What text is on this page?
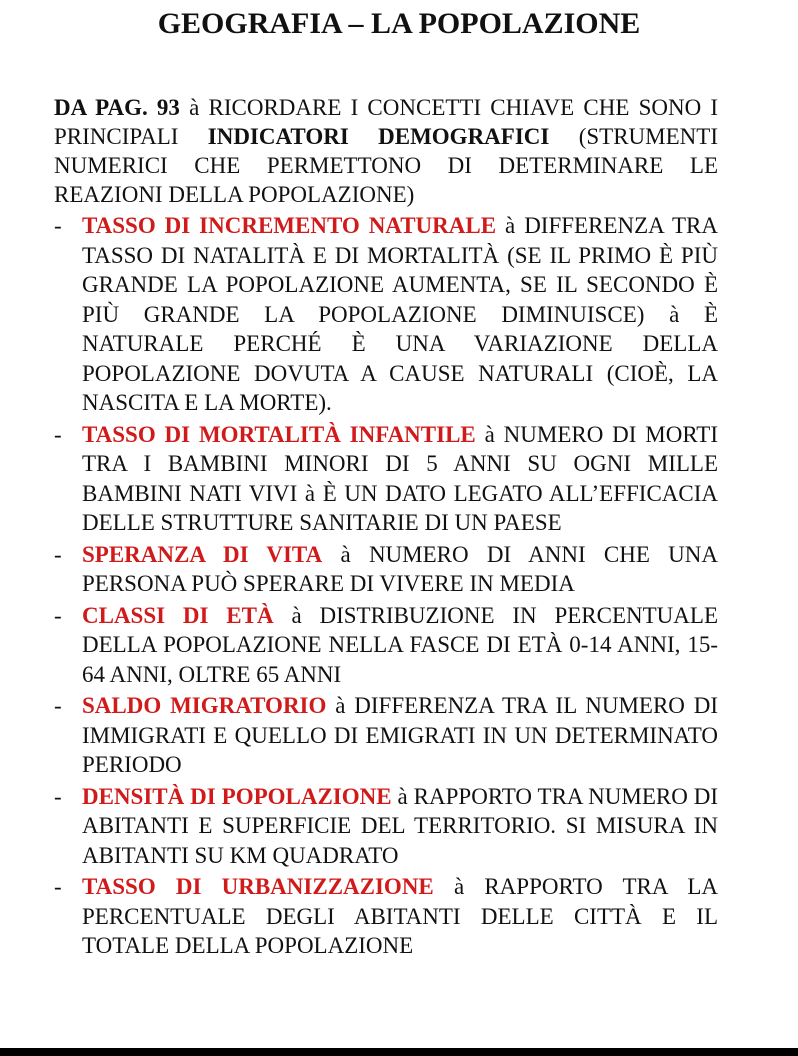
GEOGRAFIA – LA POPOLAZIONE

DA PAG. 93 à RICORDARE I CONCETTI CHIAVE CHE SONO I PRINCIPALI INDICATORI DEMOGRAFICI (STRUMENTI NUMERICI CHE PERMETTONO DI DETERMINARE LE REAZIONI DELLA POPOLAZIONE)

- TASSO DI INCREMENTO NATURALE à DIFFERENZA TRA TASSO DI NATALITÀ E DI MORTALITÀ (SE IL PRIMO È PIÙ GRANDE LA POPOLAZIONE AUMENTA, SE IL SECONDO È PIÙ GRANDE LA POPOLAZIONE DIMINUISCE) à È NATURALE PERCHÉ È UNA VARIAZIONE DELLA POPOLAZIONE DOVUTA A CAUSE NATURALI (CIOÈ, LA NASCITA E LA MORTE).
- TASSO DI MORTALITÀ INFANTILE à NUMERO DI MORTI TRA I BAMBINI MINORI DI 5 ANNI SU OGNI MILLE BAMBINI NATI VIVI à È UN DATO LEGATO ALL’EFFICACIA DELLE STRUTTURE SANITARIE DI UN PAESE
- SPERANZA DI VITA à NUMERO DI ANNI CHE UNA PERSONA PUÒ SPERARE DI VIVERE IN MEDIA
- CLASSI DI ETÀ à DISTRIBUZIONE IN PERCENTUALE DELLA POPOLAZIONE NELLA FASCE DI ETÀ 0-14 ANNI, 15-64 ANNI, OLTRE 65 ANNI
- SALDO MIGRATORIO à DIFFERENZA TRA IL NUMERO DI IMMIGRATI E QUELLO DI EMIGRATI IN UN DETERMINATO PERIODO
- DENSITÀ DI POPOLAZIONE à RAPPORTO TRA NUMERO DI ABITANTI E SUPERFICIE DEL TERRITORIO. SI MISURA IN ABITANTI SU KM QUADRATO
- TASSO DI URBANIZZAZIONE à RAPPORTO TRA LA PERCENTUALE DEGLI ABITANTI DELLE CITTÀ E IL TOTALE DELLA POPOLAZIONE
